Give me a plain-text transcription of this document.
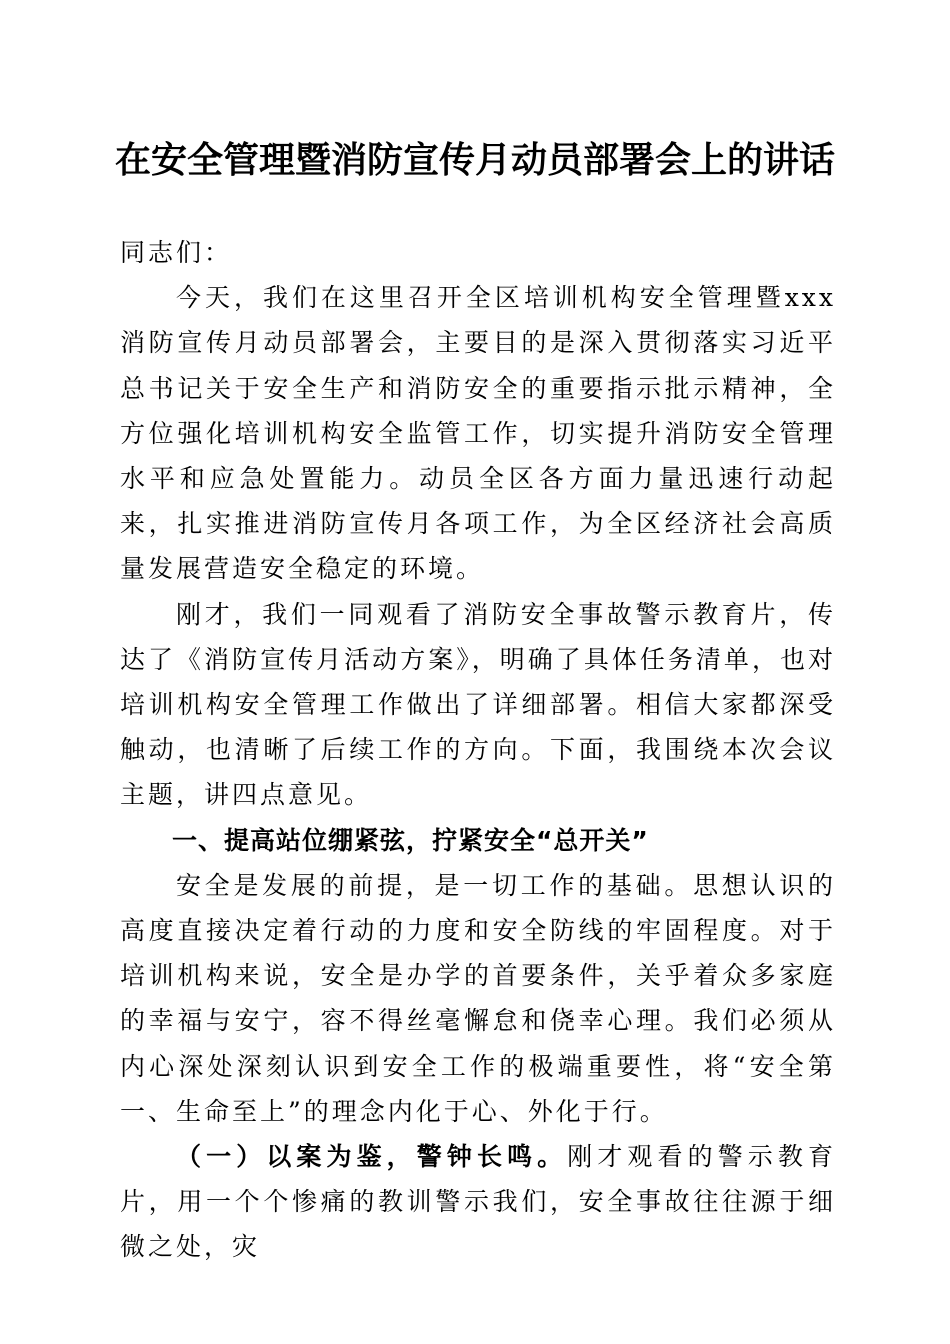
在安全管理暨消防宣传月动员部署会上的讲话

同志们：

今天，我们在这里召开全区培训机构安全管理暨xxx消防宣传月动员部署会，主要目的是深入贯彻落实习近平总书记关于安全生产和消防安全的重要指示批示精神，全方位强化培训机构安全监管工作，切实提升消防安全管理水平和应急处置能力。动员全区各方面力量迅速行动起来，扎实推进消防宣传月各项工作，为全区经济社会高质量发展营造安全稳定的环境。

刚才，我们一同观看了消防安全事故警示教育片，传达了《消防宣传月活动方案》，明确了具体任务清单，也对培训机构安全管理工作做出了详细部署。相信大家都深受触动，也清晰了后续工作的方向。下面，我围绕本次会议主题，讲四点意见。

一、提高站位绷紧弦，拧紧安全“总开关”

安全是发展的前提，是一切工作的基础。思想认识的高度直接决定着行动的力度和安全防线的牢固程度。对于培训机构来说，安全是办学的首要条件，关乎着众多家庭的幸福与安宁，容不得丝毫懈怠和侥幸心理。我们必须从内心深处深刻认识到安全工作的极端重要性，将“安全第一、生命至上”的理念内化于心、外化于行。

（一）以案为鉴，警钟长鸣。刚才观看的警示教育片，用一个个惨痛的教训警示我们，安全事故往往源于细微之处，灾
